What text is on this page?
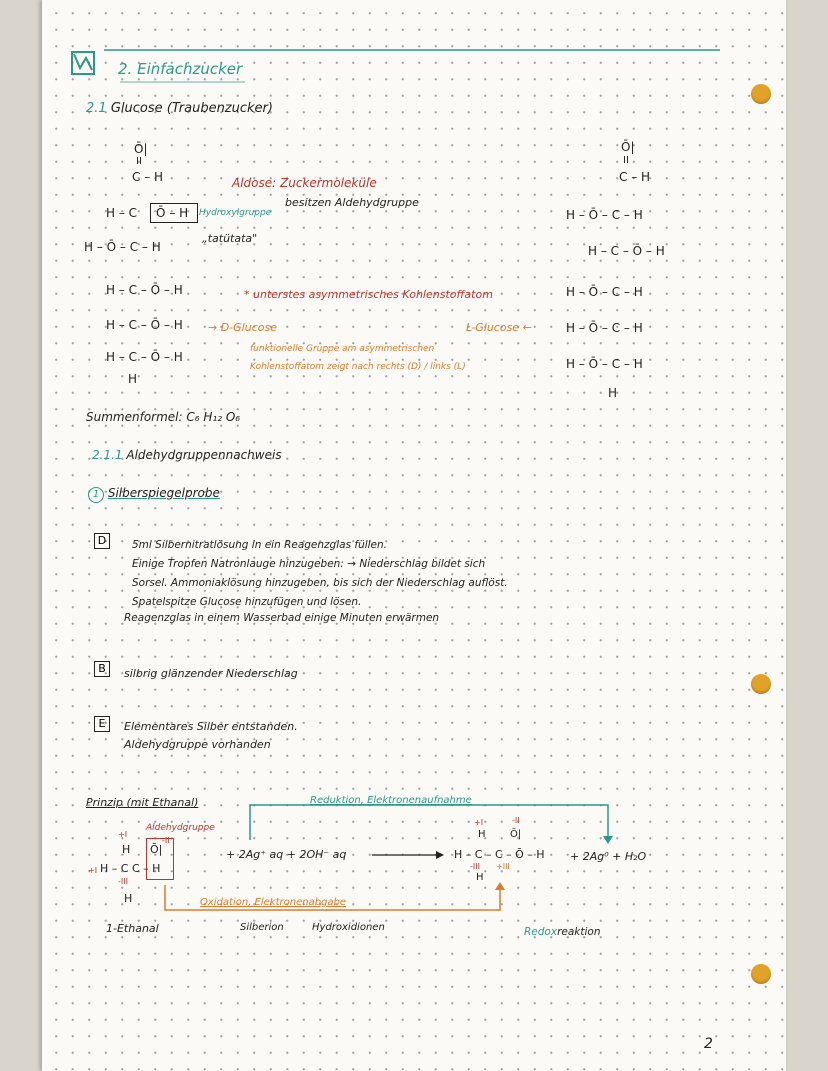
2. Einfachzucker
2.1 Glucose (Traubenzucker)
Ō|
II
C – H
H – C Ō – H Hydroxylgruppe
„tatütata"
H – Ō – C – H
H – C – Ō – H
H – C – Ō – H
H – C – Ō – H
H
Aldose: Zuckermoleküle
besitzen Aldehydgruppe
* unterstes asymmetrisches Kohlenstoffatom
→ D-Glucose	L-Glucose ←
funktionelle Gruppe am asymmetrischen
Kohlenstoffatom zeigt nach rechts (D) / links (L)
Ō|
II
C – H
H – Ō – C – H
H – C – Ō – H
H – Ō – C – H
H – Ō – C – H
H – Ō – C – H
H
Summenformel: C₆ H₁₂ O₆
2.1.1 Aldehydgruppennachweis
1 Silberspiegelprobe
D	5ml Silbernitratlösung in ein Reagenzglas füllen.
Einige Tropfen Natronlauge hinzugeben: → Niederschlag bildet sich
Sorsel. Ammoniaklösung hinzugeben, bis sich der Niederschlag auflöst.
Spatelspitze Glucose hinzufügen und lösen.
Reagenzglas in einem Wasserbad einige Minuten erwärmen
B	silbrig glänzender Niederschlag
E	Elementares Silber entstanden.
Aldehydgruppe vorhanden
Prinzip (mit Ethanal)	Reduktion, Elektronenaufnahme
Aldehydgruppe
+I
-II
H Ō|
H – C C – H
+I
-III
H
+ 2Ag⁺ aq + 2OH⁻ aq
+I	-II
H Ō|
H – C – C – Ō – H
-III +III
H
+ 2Ag⁰ + H₂O
Oxidation, Elektronenabgabe
1-Ethanal	Silberion	Hydroxidionen	Redoxreaktion
2
